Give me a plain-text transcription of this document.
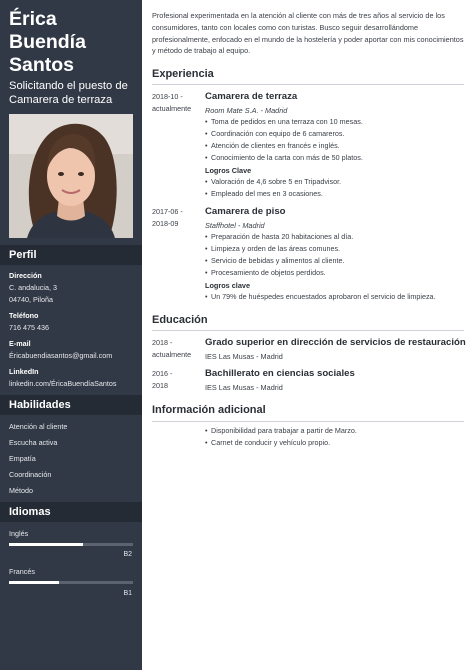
Érica
Buendía
Santos
Solicitando el puesto de Camarera de terraza
Perfil
Dirección
C. andalucia, 3
04740, Piloña
Teléfono
716 475 436
E-mail
Éricabuendiasantos@gmail.com
LinkedIn
linkedin.com/ÉricaBuendíaSantos
Habilidades
Atención al cliente
Escucha activa
Empatía
Coordinación
Método
Idiomas
Inglés
B2
Francés
B1
Profesional experimentada en la atención al cliente con más de tres años al servicio de los consumidores, tanto con locales como con turistas. Busco seguir desarrollándome profesionalmente, enfocado en el mundo de la hostelería y poder aportar con mis conocimientos y método de trabajo al equipo.
Experiencia
2018-10 -
actualmente
Camarera de terraza
Room Mate S.A. - Madrid
• Toma de pedidos en una terraza con 10 mesas.
• Coordinación con equipo de 6 camareros.
• Atención de clientes en francés e inglés.
• Conocimiento de la carta con más de 50 platos.
Logros Clave
• Valoración de 4,6 sobre 5 en Tripadvisor.
• Empleado del mes en 3 ocasiones.
2017-06 -
2018-09
Camarera de piso
Staffhotel - Madrid
• Preparación de hasta 20 habitaciones al día.
• Limpieza y orden de las áreas comunes.
• Servicio de bebidas y alimentos al cliente.
• Procesamiento de objetos perdidos.
Logros clave
• Un 79% de huéspedes encuestados aprobaron el servicio de limpieza.
Educación
2018 -
actualmente
Grado superior en dirección de servicios de restauración
IES Las Musas - Madrid
2016 -
2018
Bachillerato en ciencias sociales
IES Las Musas - Madrid
Información adicional
• Disponibilidad para trabajar a partir de Marzo.
• Carnet de conducir y vehículo propio.
